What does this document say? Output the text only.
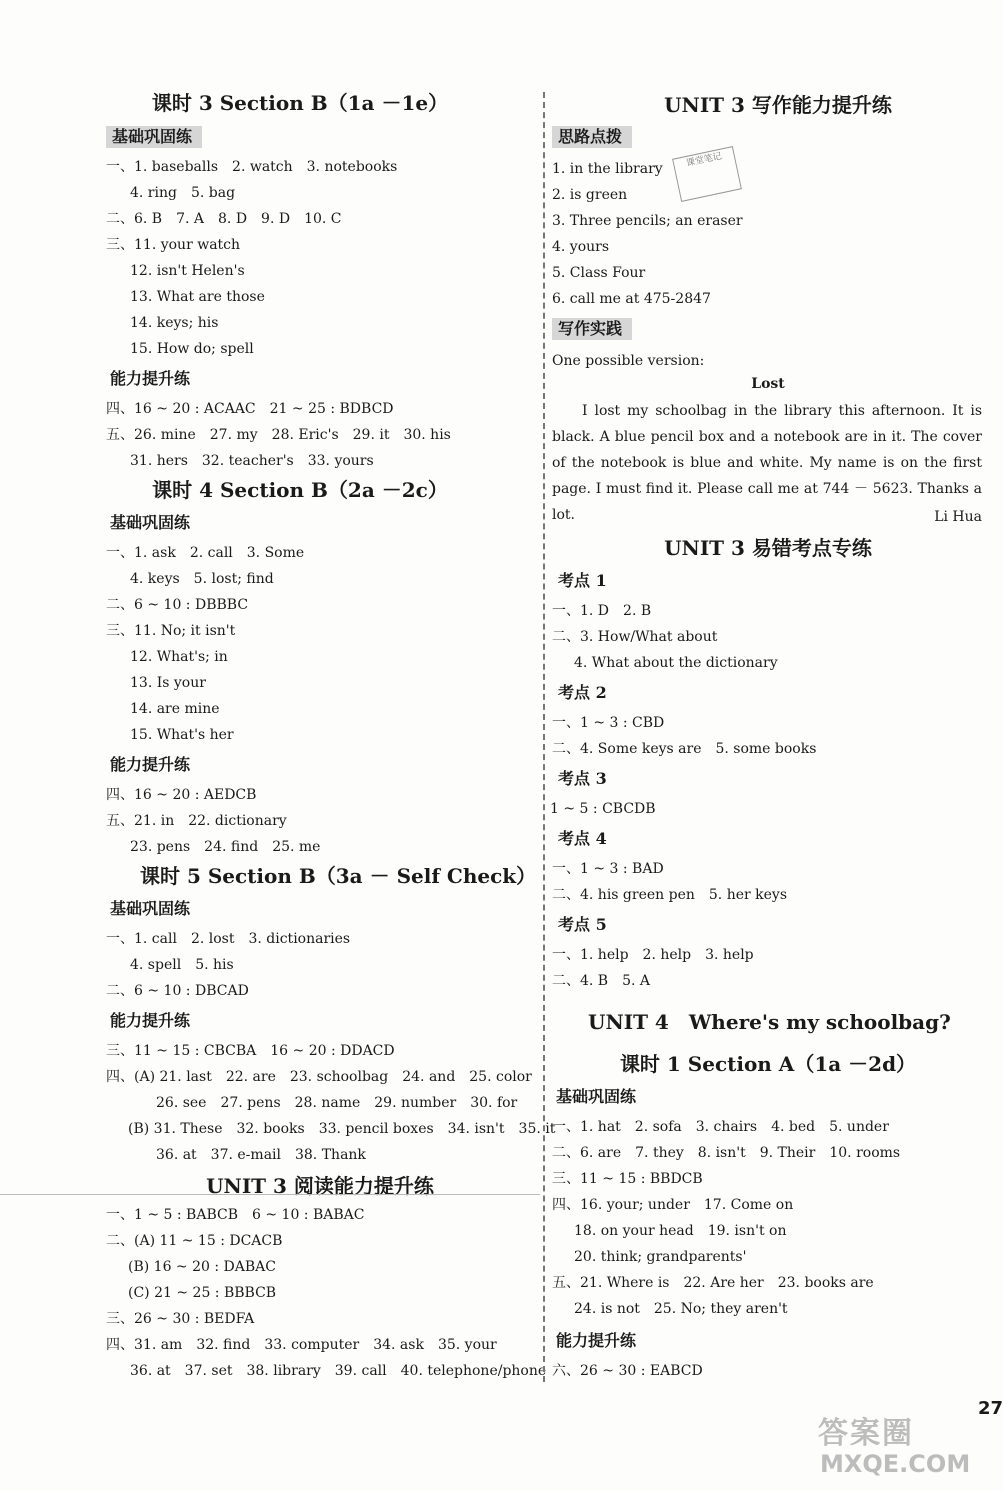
课时 3 Section B（1a －1e）
基础巩固练
一、1. baseballs　2. watch　3. notebooks
4. ring　5. bag
二、6. B　7. A　8. D　9. D　10. C
三、11. your watch
12. isn't Helen's
13. What are those
14. keys; his
15. How do; spell
能力提升练
四、16 ~ 20 : ACAAC　21 ~ 25 : BDBCD
五、26. mine　27. my　28. Eric's　29. it　30. his
31. hers　32. teacher's　33. yours
课时 4 Section B（2a －2c）
基础巩固练
一、1. ask　2. call　3. Some
4. keys　5. lost; find
二、6 ~ 10 : DBBBC
三、11. No; it isn't
12. What's; in
13. Is your
14. are mine
15. What's her
能力提升练
四、16 ~ 20 : AEDCB
五、21. in　22. dictionary
23. pens　24. find　25. me
课时 5 Section B（3a － Self Check）
基础巩固练
一、1. call　2. lost　3. dictionaries
4. spell　5. his
二、6 ~ 10 : DBCAD
能力提升练
三、11 ~ 15 : CBCBA　16 ~ 20 : DDACD
四、(A) 21. last　22. are　23. schoolbag　24. and　25. color
26. see　27. pens　28. name　29. number　30. for
(B) 31. These　32. books　33. pencil boxes　34. isn't　35. it
36. at　37. e-mail　38. Thank
UNIT 3 阅读能力提升练
一、1 ~ 5 : BABCB　6 ~ 10 : BABAC
二、(A) 11 ~ 15 : DCACB
(B) 16 ~ 20 : DABAC
(C) 21 ~ 25 : BBBCB
三、26 ~ 30 : BEDFA
四、31. am　32. find　33. computer　34. ask　35. your
36. at　37. set　38. library　39. call　40. telephone/phone
UNIT 3 写作能力提升练
思路点拨
1. in the library
2. is green
3. Three pencils; an eraser
4. yours
5. Class Four
6. call me at 475-2847
写作实践
One possible version:
Lost
I lost my schoolbag in the library this afternoon. It is black. A blue pencil box and a notebook are in it. The cover of the notebook is blue and white. My name is on the first page. I must find it. Please call me at 744 － 5623. Thanks a lot.	Li Hua
UNIT 3 易错考点专练
考点 1
一、1. D　2. B
二、3. How/What about
4. What about the dictionary
考点 2
一、1 ~ 3 : CBD
二、4. Some keys are　5. some books
考点 3
1 ~ 5 : CBCDB
考点 4
一、1 ~ 3 : BAD
二、4. his green pen　5. her keys
考点 5
一、1. help　2. help　3. help
二、4. B　5. A
UNIT 4　Where's my schoolbag?
课时 1 Section A（1a －2d）
基础巩固练
一、1. hat　2. sofa　3. chairs　4. bed　5. under
二、6. are　7. they　8. isn't　9. Their　10. rooms
三、11 ~ 15 : BBDCB
四、16. your; under　17. Come on
18. on your head　19. isn't on
20. think; grandparents'
五、21. Where is　22. Are her　23. books are
24. is not　25. No; they aren't
能力提升练
六、26 ~ 30 : EABCD
课堂笔记
27
答案圈
MXQE.COM
